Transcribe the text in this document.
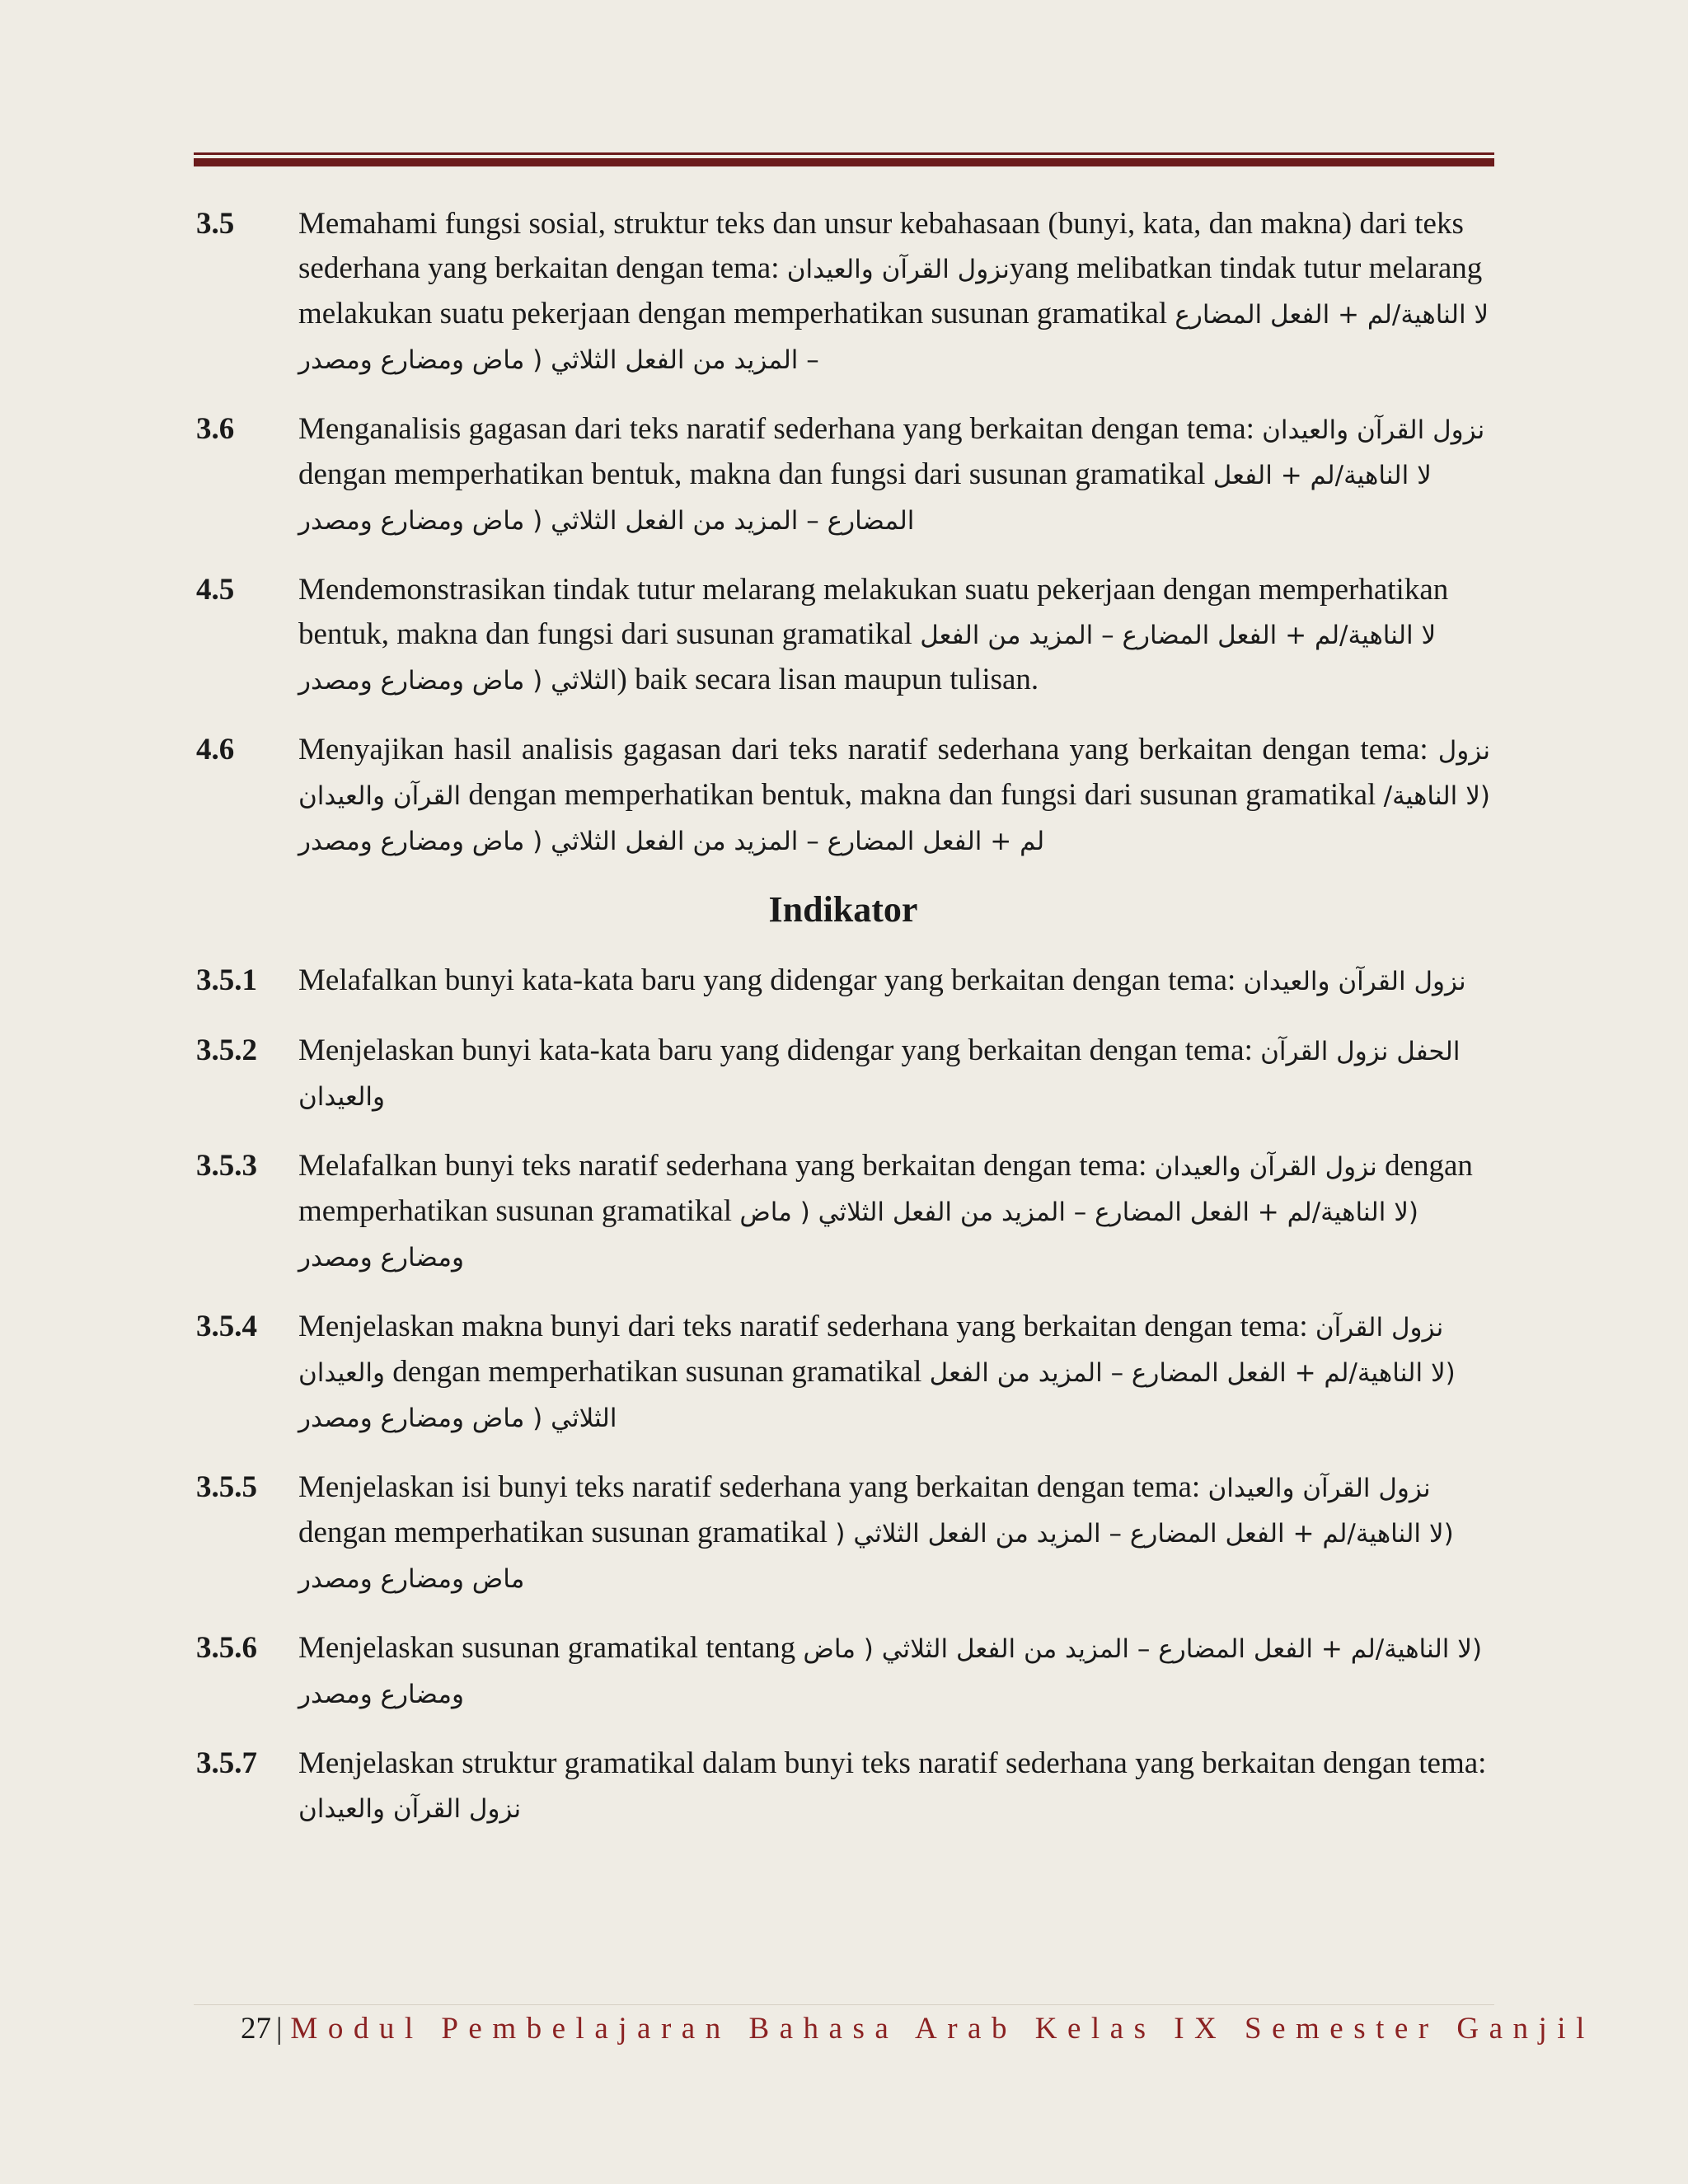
3.5 Memahami fungsi sosial, struktur teks dan unsur kebahasaan (bunyi, kata, dan makna) dari teks sederhana yang berkaitan dengan tema: نزول القرآن والعيدانyang melibatkan tindak tutur melarang melakukan suatu pekerjaan dengan memperhatikan susunan gramatikal لا الناهية/لم + الفعل المضارع – المزيد من الفعل الثلاثي ( ماض ومضارع ومصدر
3.6 Menganalisis gagasan dari teks naratif sederhana yang berkaitan dengan tema: نزول القرآن والعيدان dengan memperhatikan bentuk, makna dan fungsi dari susunan gramatikal لا الناهية/لم + الفعل المضارع – المزيد من الفعل الثلاثي ( ماض ومضارع ومصدر
4.5 Mendemonstrasikan tindak tutur melarang melakukan suatu pekerjaan dengan memperhatikan bentuk, makna dan fungsi dari susunan gramatikal لا الناهية/لم + الفعل المضارع – المزيد من الفعل الثلاثي ( ماض ومضارع ومصدر) baik secara lisan maupun tulisan.
4.6 Menyajikan hasil analisis gagasan dari teks naratif sederhana yang berkaitan dengan tema: نزول القرآن والعيدان dengan memperhatikan bentuk, makna dan fungsi dari susunan gramatikal (لا الناهية/لم + الفعل المضارع – المزيد من الفعل الثلاثي ( ماض ومضارع ومصدر
Indikator
3.5.1 Melafalkan bunyi kata-kata baru yang didengar yang berkaitan dengan tema: نزول القرآن والعيدان
3.5.2 Menjelaskan bunyi kata-kata baru yang didengar yang berkaitan dengan tema: الحفل نزول القرآن والعيدان
3.5.3 Melafalkan bunyi teks naratif sederhana yang berkaitan dengan tema: نزول القرآن والعيدان dengan memperhatikan susunan gramatikal (لا الناهية/لم + الفعل المضارع – المزيد من الفعل الثلاثي ( ماض ومضارع ومصدر
3.5.4 Menjelaskan makna bunyi dari teks naratif sederhana yang berkaitan dengan tema: نزول القرآن والعيدان dengan memperhatikan susunan gramatikal (لا الناهية/لم + الفعل المضارع – المزيد من الفعل الثلاثي ( ماض ومضارع ومصدر
3.5.5 Menjelaskan isi bunyi teks naratif sederhana yang berkaitan dengan tema: نزول القرآن والعيدان dengan memperhatikan susunan gramatikal (لا الناهية/لم + الفعل المضارع – المزيد من الفعل الثلاثي ( ماض ومضارع ومصدر
3.5.6 Menjelaskan susunan gramatikal tentang (لا الناهية/لم + الفعل المضارع – المزيد من الفعل الثلاثي ( ماض ومضارع ومصدر
3.5.7 Menjelaskan struktur gramatikal dalam bunyi teks naratif sederhana yang berkaitan dengan tema: نزول القرآن والعيدان
27 | Modul Pembelajaran Bahasa Arab Kelas IX Semester Ganjil
